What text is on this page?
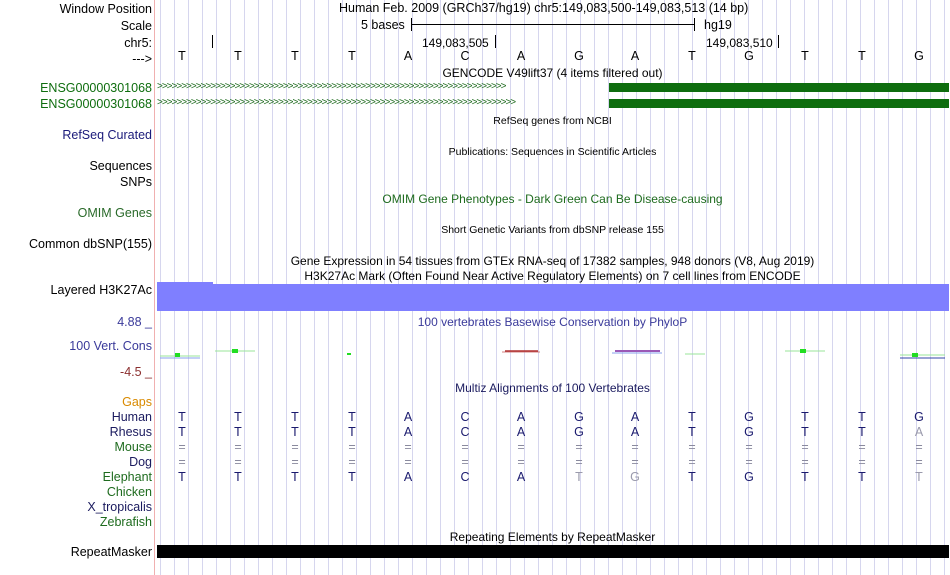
Window Position
Scale
chr5:
--->
ENSG00000301068
ENSG00000301068
RefSeq Curated
Sequences
SNPs
OMIM Genes
Common dbSNP(155)
Layered H3K27Ac
4.88 _
100 Vert. Cons
-4.5 _
Gaps
Human
Rhesus
Mouse
Dog
Elephant
Chicken
X_tropicalis
Zebrafish
RepeatMasker
Human Feb. 2009 (GRCh37/hg19) chr5:149,083,500-149,083,513 (14 bp)
5 bases	hg19
149,083,505	149,083,510
T	T	T	T	A	C	A	G	A	T	G	T	T	G
GENCODE V49lift37 (4 items filtered out)
>>>>>>>>>>>>>>>>>>>>>>>>>>>>>>>>>>>>>>>>>>>>>>>>>>>>>>>>>>>>>>>>>>>>>>>>
>>>>>>>>>>>>>>>>>>>>>>>>>>>>>>>>>>>>>>>>>>>>>>>>>>>>>>>>>>>>>>>>>>>>>>>>>>
RefSeq genes from NCBI
Publications: Sequences in Scientific Articles
OMIM Gene Phenotypes - Dark Green Can Be Disease-causing
Short Genetic Variants from dbSNP release 155
Gene Expression in 54 tissues from GTEx RNA-seq of 17382 samples, 948 donors (V8, Aug 2019)
H3K27Ac Mark (Often Found Near Active Regulatory Elements) on 7 cell lines from ENCODE
100 vertebrates Basewise Conservation by PhyloP
Multiz Alignments of 100 Vertebrates
T	T	T	T	A	C	A	G	A	T	G	T	T	G
T	T	T	T	A	C	A	G	A	T	G	T	T	A
=	=	=	=	=	=	=	=	=	=	=	=	=	=
=	=	=	=	=	=	=	=	=	=	=	=	=	=
T	T	T	T	A	C	A	T	G	T	G	T	T	T
Repeating Elements by RepeatMasker
